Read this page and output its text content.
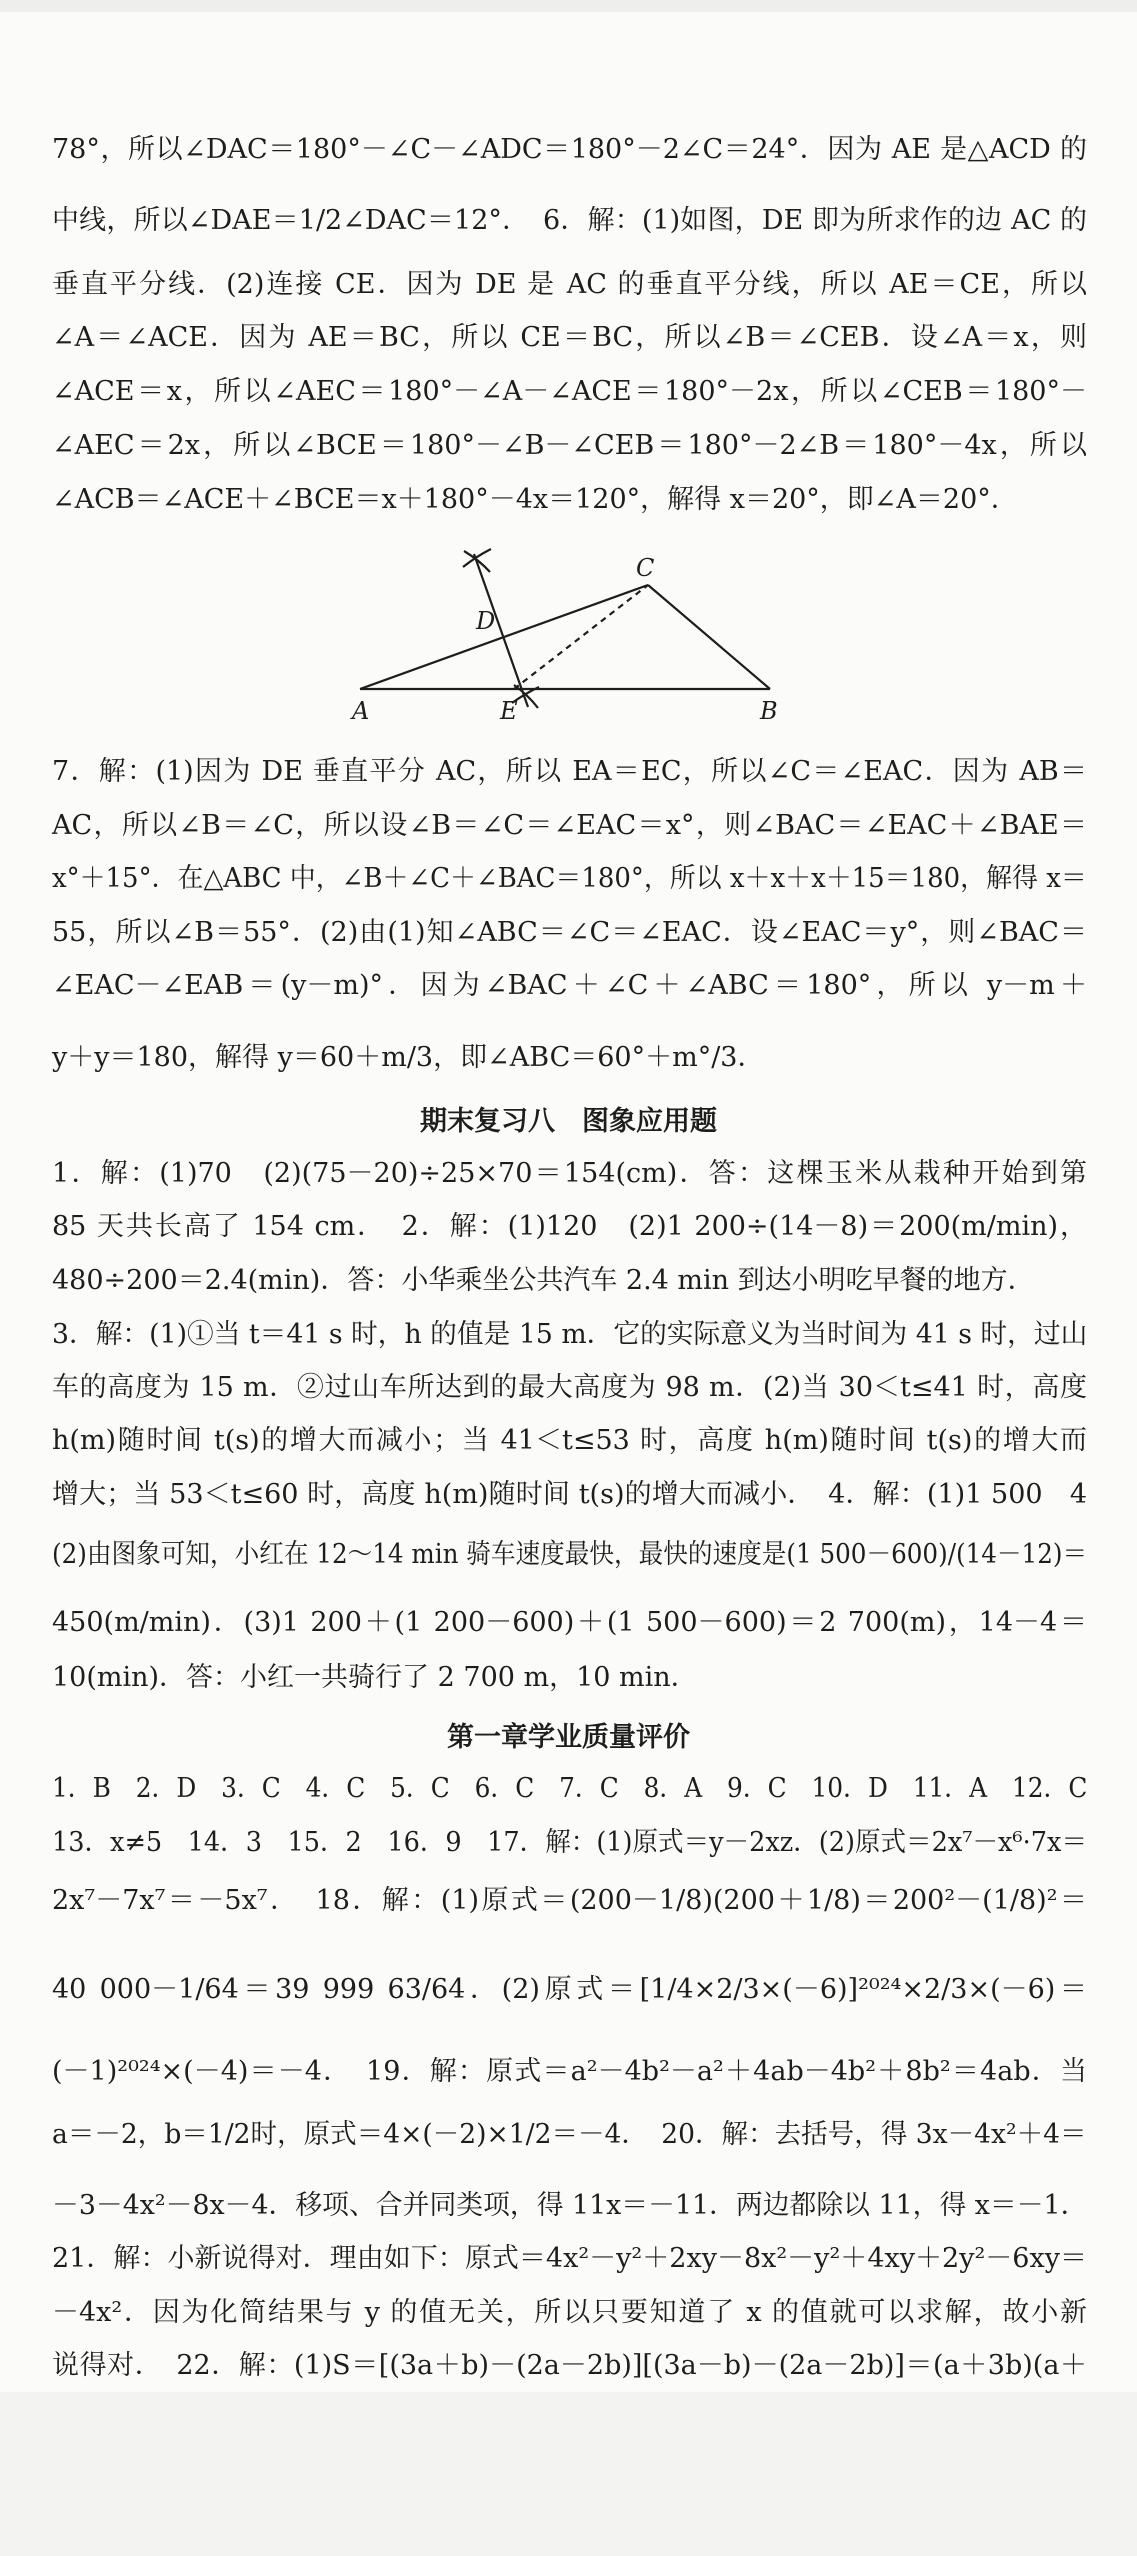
78°，所以∠DAC＝180°－∠C－∠ADC＝180°－2∠C＝24°．因为 AE 是△ACD 的
中线，所以∠DAE＝1/2∠DAC＝12°．　6．解：(1)如图，DE 即为所求作的边 AC 的
垂直平分线．(2)连接 CE．因为 DE 是 AC 的垂直平分线，所以 AE＝CE，所以
∠A＝∠ACE．因为 AE＝BC，所以 CE＝BC，所以∠B＝∠CEB．设∠A＝x，则
∠ACE＝x，所以∠AEC＝180°－∠A－∠ACE＝180°－2x，所以∠CEB＝180°－
∠AEC＝2x，所以∠BCE＝180°－∠B－∠CEB＝180°－2∠B＝180°－4x，所以
∠ACB＝∠ACE＋∠BCE＝x＋180°－4x＝120°，解得 x＝20°，即∠A＝20°．
C
D
A	E	B
7．解：(1)因为 DE 垂直平分 AC，所以 EA＝EC，所以∠C＝∠EAC．因为 AB＝
AC，所以∠B＝∠C，所以设∠B＝∠C＝∠EAC＝x°，则∠BAC＝∠EAC＋∠BAE＝
x°＋15°．在△ABC 中，∠B＋∠C＋∠BAC＝180°，所以 x＋x＋x＋15＝180，解得 x＝
55，所以∠B＝55°．(2)由(1)知∠ABC＝∠C＝∠EAC．设∠EAC＝y°，则∠BAC＝
∠EAC－∠EAB＝(y－m)°．因为∠BAC＋∠C＋∠ABC＝180°，所以 y－m＋
y＋y＝180，解得 y＝60＋m/3，即∠ABC＝60°＋m°/3．
期末复习八　图象应用题
1．解：(1)70　(2)(75－20)÷25×70＝154(cm)．答：这棵玉米从栽种开始到第
85 天共长高了 154 cm．　2．解：(1)120　(2)1 200÷(14－8)＝200(m/min)，
480÷200＝2.4(min)．答：小华乘坐公共汽车 2.4 min 到达小明吃早餐的地方．
3．解：(1)①当 t＝41 s 时，h 的值是 15 m．它的实际意义为当时间为 41 s 时，过山
车的高度为 15 m．②过山车所达到的最大高度为 98 m．(2)当 30＜t≤41 时，高度
h(m)随时间 t(s)的增大而减小；当 41＜t≤53 时，高度 h(m)随时间 t(s)的增大而
增大；当 53＜t≤60 时，高度 h(m)随时间 t(s)的增大而减小．　4．解：(1)1 500　4
(2)由图象可知，小红在 12～14 min 骑车速度最快，最快的速度是(1 500－600)/(14－12)＝
450(m/min)．(3)1 200＋(1 200－600)＋(1 500－600)＝2 700(m)，14－4＝
10(min)．答：小红一共骑行了 2 700 m，10 min．
第一章学业质量评价
1．B　2．D　3．C　4．C　5．C　6．C　7．C　8．A　9．C　10．D　11．A　12．C
13．x≠5　14．3　15．2　16．9　17．解：(1)原式＝y－2xz．(2)原式＝2x⁷－x⁶·7x＝
2x⁷－7x⁷＝－5x⁷．　18．解：(1)原式＝(200－1/8)(200＋1/8)＝200²－(1/8)²＝
40 000－1/64＝39 999 63/64．(2)原式＝[1/4×2/3×(－6)]²⁰²⁴×2/3×(－6)＝
(－1)²⁰²⁴×(－4)＝－4．　19．解：原式＝a²－4b²－a²＋4ab－4b²＋8b²＝4ab．当
a＝－2，b＝1/2时，原式＝4×(－2)×1/2＝－4．　20．解：去括号，得 3x－4x²＋4＝
－3－4x²－8x－4．移项、合并同类项，得 11x＝－11．两边都除以 11，得 x＝－1．
21．解：小新说得对．理由如下：原式＝4x²－y²＋2xy－8x²－y²＋4xy＋2y²－6xy＝
－4x²．因为化简结果与 y 的值无关，所以只要知道了 x 的值就可以求解，故小新
说得对．　22．解：(1)S＝[(3a＋b)－(2a－2b)][(3a－b)－(2a－2b)]＝(a＋3b)(a＋
